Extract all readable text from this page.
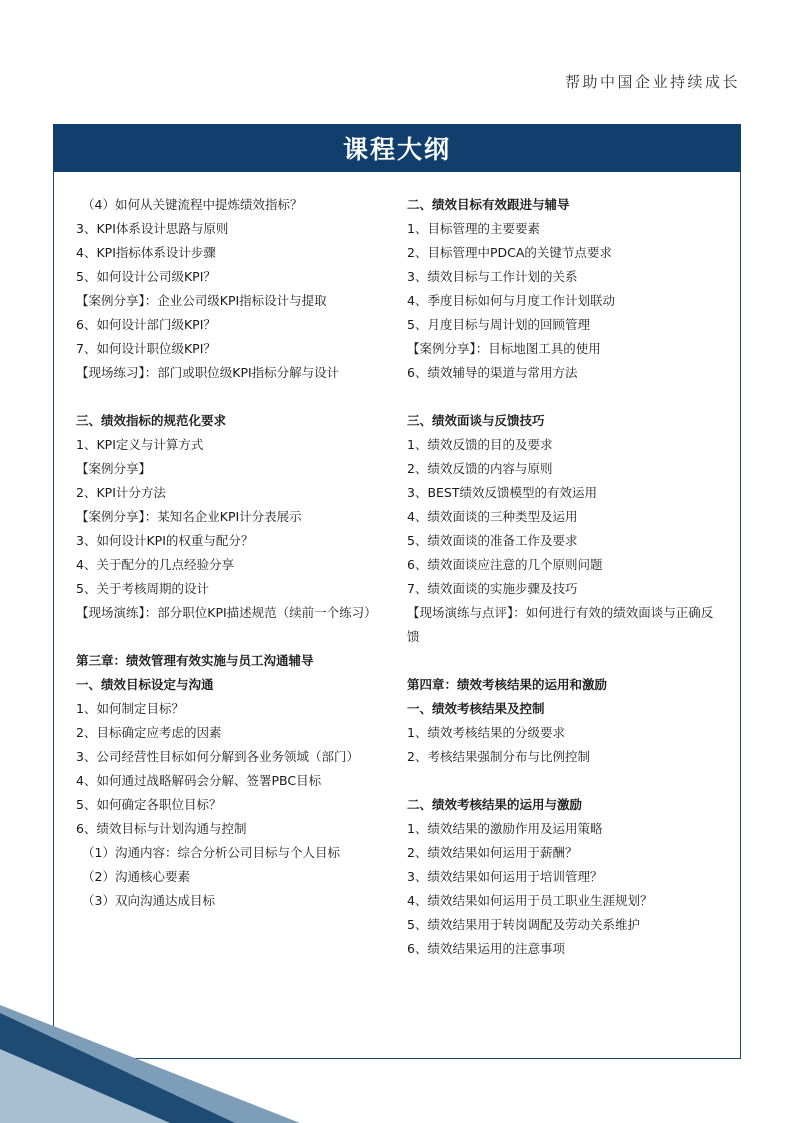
帮助中国企业持续成长
课程大纲
（4）如何从关键流程中提炼绩效指标？
3、KPI体系设计思路与原则
4、KPI指标体系设计步骤
5、如何设计公司级KPI？
【案例分享】：企业公司级KPI指标设计与提取
6、如何设计部门级KPI？
7、如何设计职位级KPI？
【现场练习】：部门或职位级KPI指标分解与设计
三、绩效指标的规范化要求
1、KPI定义与计算方式
【案例分享】
2、KPI计分方法
【案例分享】：某知名企业KPI计分表展示
3、如何设计KPI的权重与配分？
4、关于配分的几点经验分享
5、关于考核周期的设计
【现场演练】：部分职位KPI描述规范（续前一个练习）
第三章：绩效管理有效实施与员工沟通辅导
一、绩效目标设定与沟通
1、如何制定目标？
2、目标确定应考虑的因素
3、公司经营性目标如何分解到各业务领域（部门）
4、如何通过战略解码会分解、签署PBC目标
5、如何确定各职位目标？
6、绩效目标与计划沟通与控制
（1）沟通内容：综合分析公司目标与个人目标
（2）沟通核心要素
（3）双向沟通达成目标
二、绩效目标有效跟进与辅导
1、目标管理的主要要素
2、目标管理中PDCA的关键节点要求
3、绩效目标与工作计划的关系
4、季度目标如何与月度工作计划联动
5、月度目标与周计划的回顾管理
【案例分享】：目标地图工具的使用
6、绩效辅导的渠道与常用方法
三、绩效面谈与反馈技巧
1、绩效反馈的目的及要求
2、绩效反馈的内容与原则
3、BEST绩效反馈模型的有效运用
4、绩效面谈的三种类型及运用
5、绩效面谈的准备工作及要求
6、绩效面谈应注意的几个原则问题
7、绩效面谈的实施步骤及技巧
【现场演练与点评】：如何进行有效的绩效面谈与正确反馈
第四章：绩效考核结果的运用和激励
一、绩效考核结果及控制
1、绩效考核结果的分级要求
2、考核结果强制分布与比例控制
二、绩效考核结果的运用与激励
1、绩效结果的激励作用及运用策略
2、绩效结果如何运用于薪酬？
3、绩效结果如何运用于培训管理？
4、绩效结果如何运用于员工职业生涯规划？
5、绩效结果用于转岗调配及劳动关系维护
6、绩效结果运用的注意事项
